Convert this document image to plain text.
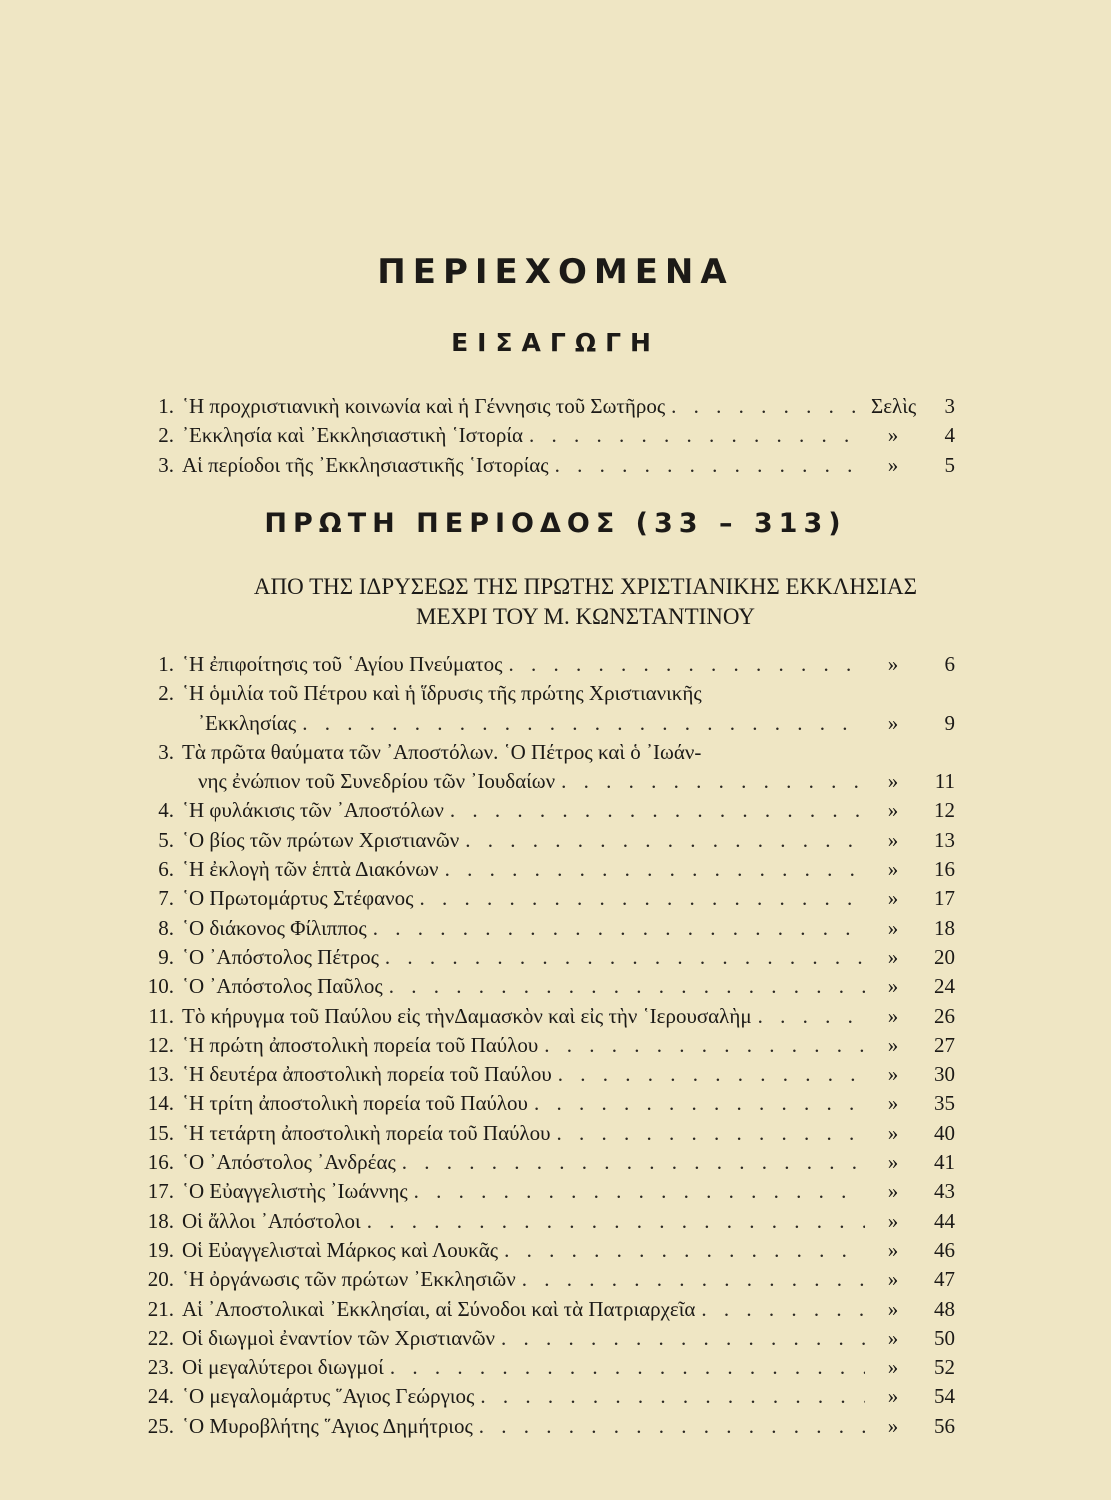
ΠΕΡΙΕΧΟΜΕΝΑ
ΕΙΣΑΓΩΓΗ
1. ῾Η προχριστιανικὴ κοινωνία καὶ ἡ Γέννησις τοῦ Σωτῆρος . . .	Σελὶς	3
2. ᾿Εκκλησία καὶ ᾿Εκκλησιαστικὴ ῾Ιστορία . . .	»	4
3. Αἱ περίοδοι τῆς ᾿Εκκλησιαστικῆς ῾Ιστορίας . . .	»	5
ΠΡΩΤΗ ΠΕΡΙΟΔΟΣ (33 – 313)
ΑΠΟ ΤΗΣ ΙΔΡΥΣΕΩΣ ΤΗΣ ΠΡΩΤΗΣ ΧΡΙΣΤΙΑΝΙΚΗΣ ΕΚΚΛΗΣΙΑΣ
ΜΕΧΡΙ ΤΟΥ Μ. ΚΩΝΣΤΑΝΤΙΝΟΥ
1. ῾Η ἐπιφοίτησις τοῦ ῾Αγίου Πνεύματος . . .	»	6
2. ῾Η ὁμιλία τοῦ Πέτρου καὶ ἡ ἵδρυσις τῆς πρώτης Χριστιανικῆς
᾿Εκκλησίας . . .	»	9
3. Τὰ πρῶτα θαύματα τῶν ᾿Αποστόλων. ῾Ο Πέτρος καὶ ὁ ᾿Ιωάν-
νης ἐνώπιον τοῦ Συνεδρίου τῶν ᾿Ιουδαίων . . .	»	11
4. ῾Η φυλάκισις τῶν ᾿Αποστόλων . . .	»	12
5. ῾Ο βίος τῶν πρώτων Χριστιανῶν . . .	»	13
6. ῾Η ἐκλογὴ τῶν ἑπτὰ Διακόνων . . .	»	16
7. ῾Ο Πρωτομάρτυς Στέφανος . . .	»	17
8. ῾Ο διάκονος Φίλιππος . . .	»	18
9. ῾Ο ᾿Απόστολος Πέτρος . . .	»	20
10. ῾Ο ᾿Απόστολος Παῦλος . . .	»	24
11. Τὸ κήρυγμα τοῦ Παύλου εἰς τὴνΔαμασκὸν καὶ εἰς τὴν ῾Ιερουσαλὴμ . . .	»	26
12. ῾Η πρώτη ἀποστολικὴ πορεία τοῦ Παύλου . . .	»	27
13. ῾Η δευτέρα ἀποστολικὴ πορεία τοῦ Παύλου . . .	»	30
14. ῾Η τρίτη ἀποστολικὴ πορεία τοῦ Παύλου . . .	»	35
15. ῾Η τετάρτη ἀποστολικὴ πορεία τοῦ Παύλου . . .	»	40
16. ῾Ο ᾿Απόστολος ᾿Ανδρέας . . .	»	41
17. ῾Ο Εὐαγγελιστὴς ᾿Ιωάννης . . .	»	43
18. Οἱ ἄλλοι ᾿Απόστολοι . . .	»	44
19. Οἱ Εὐαγγελισταὶ Μάρκος καὶ Λουκᾶς . . .	»	46
20. ῾Η ὀργάνωσις τῶν πρώτων ᾿Εκκλησιῶν . . .	»	47
21. Αἱ ᾿Αποστολικαὶ ᾿Εκκλησίαι, αἱ Σύνοδοι καὶ τὰ Πατριαρχεῖα . . .	»	48
22. Οἱ διωγμοὶ ἐναντίον τῶν Χριστιανῶν . . .	»	50
23. Οἱ μεγαλύτεροι διωγμοί . . .	»	52
24. ῾Ο μεγαλομάρτυς ῞Αγιος Γεώργιος . . .	»	54
25. ῾Ο Μυροβλήτης ῞Αγιος Δημήτριος . . .	»	56
